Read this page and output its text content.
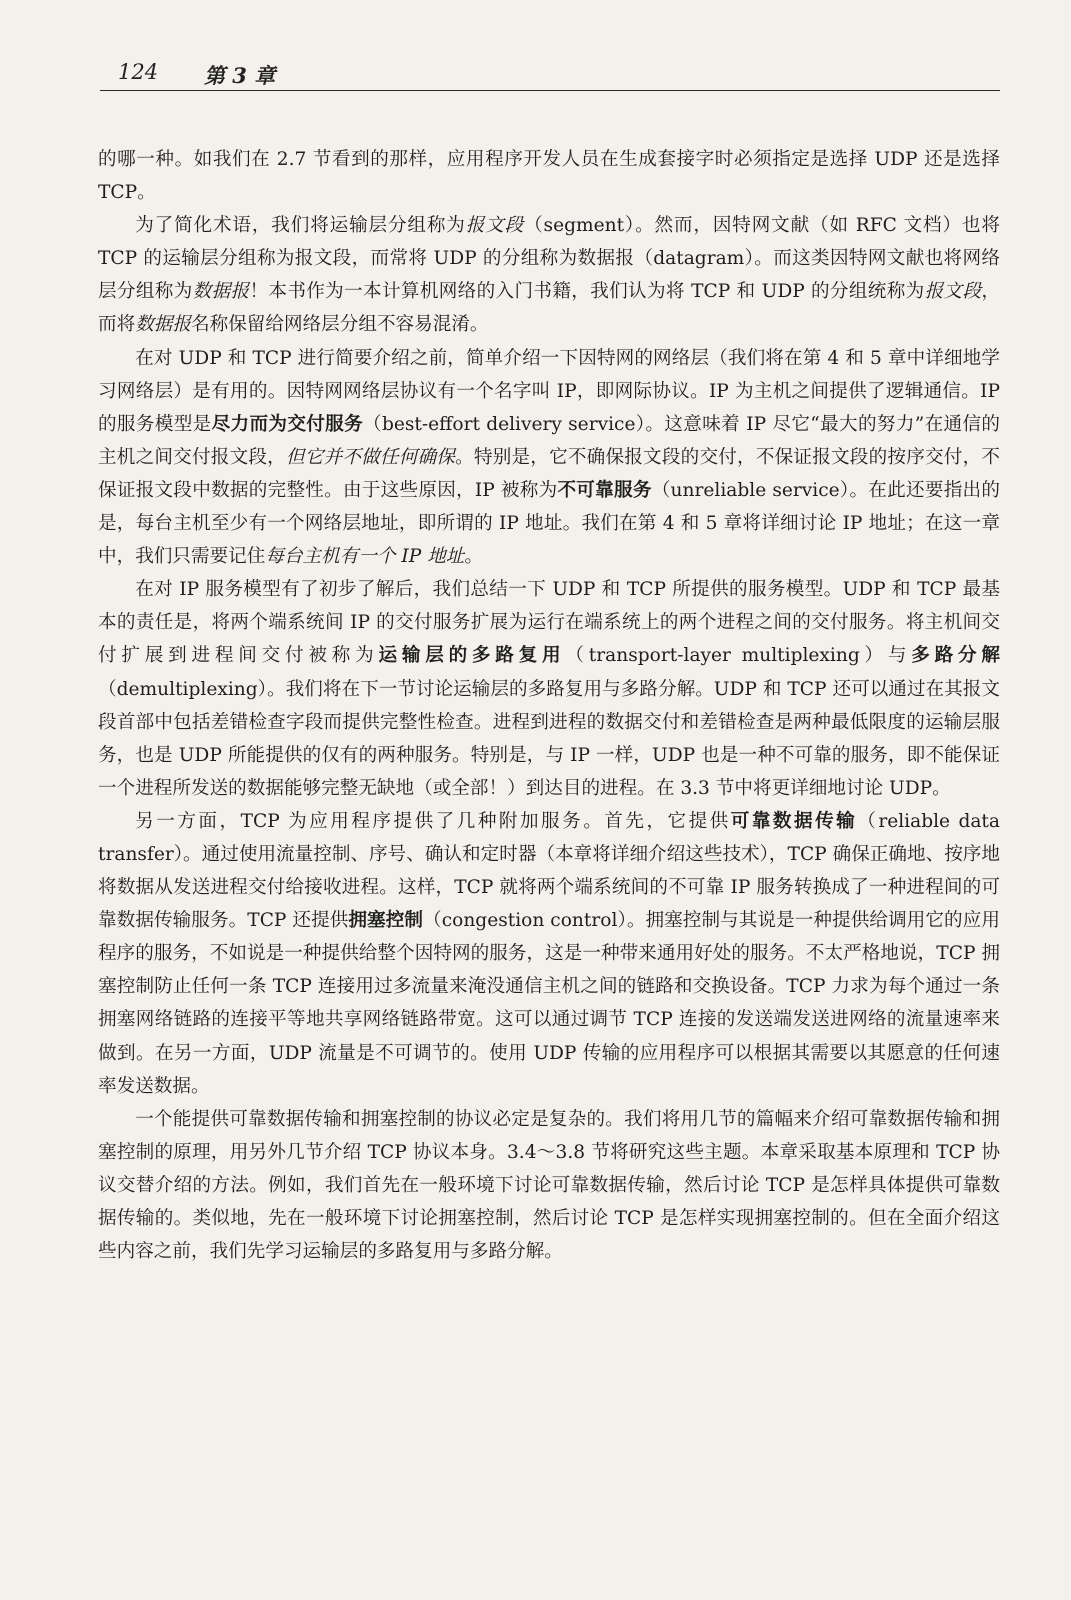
124 第 3 章

的哪一种。如我们在 2.7 节看到的那样，应用程序开发人员在生成套接字时必须指定是选择 UDP 还是选择 TCP。

为了简化术语，我们将运输层分组称为报文段（segment）。然而，因特网文献（如 RFC 文档）也将 TCP 的运输层分组称为报文段，而常将 UDP 的分组称为数据报（datagram）。而这类因特网文献也将网络层分组称为数据报！本书作为一本计算机网络的入门书籍，我们认为将 TCP 和 UDP 的分组统称为报文段，而将数据报名称保留给网络层分组不容易混淆。

在对 UDP 和 TCP 进行简要介绍之前，简单介绍一下因特网的网络层（我们将在第 4 和 5 章中详细地学习网络层）是有用的。因特网网络层协议有一个名字叫 IP，即网际协议。IP 为主机之间提供了逻辑通信。IP 的服务模型是尽力而为交付服务（best-effort delivery service）。这意味着 IP 尽它“最大的努力”在通信的主机之间交付报文段，但它并不做任何确保。特别是，它不确保报文段的交付，不保证报文段的按序交付，不保证报文段中数据的完整性。由于这些原因，IP 被称为不可靠服务（unreliable service）。在此还要指出的是，每台主机至少有一个网络层地址，即所谓的 IP 地址。我们在第 4 和 5 章将详细讨论 IP 地址；在这一章中，我们只需要记住每台主机有一个 IP 地址。

在对 IP 服务模型有了初步了解后，我们总结一下 UDP 和 TCP 所提供的服务模型。UDP 和 TCP 最基本的责任是，将两个端系统间 IP 的交付服务扩展为运行在端系统上的两个进程之间的交付服务。将主机间交付扩展到进程间交付被称为运输层的多路复用（transport-layer multiplexing）与多路分解（demultiplexing）。我们将在下一节讨论运输层的多路复用与多路分解。UDP 和 TCP 还可以通过在其报文段首部中包括差错检查字段而提供完整性检查。进程到进程的数据交付和差错检查是两种最低限度的运输层服务，也是 UDP 所能提供的仅有的两种服务。特别是，与 IP 一样，UDP 也是一种不可靠的服务，即不能保证一个进程所发送的数据能够完整无缺地（或全部！）到达目的进程。在 3.3 节中将更详细地讨论 UDP。

另一方面，TCP 为应用程序提供了几种附加服务。首先，它提供可靠数据传输（reliable data transfer）。通过使用流量控制、序号、确认和定时器（本章将详细介绍这些技术），TCP 确保正确地、按序地将数据从发送进程交付给接收进程。这样，TCP 就将两个端系统间的不可靠 IP 服务转换成了一种进程间的可靠数据传输服务。TCP 还提供拥塞控制（congestion control）。拥塞控制与其说是一种提供给调用它的应用程序的服务，不如说是一种提供给整个因特网的服务，这是一种带来通用好处的服务。不太严格地说，TCP 拥塞控制防止任何一条 TCP 连接用过多流量来淹没通信主机之间的链路和交换设备。TCP 力求为每个通过一条拥塞网络链路的连接平等地共享网络链路带宽。这可以通过调节 TCP 连接的发送端发送进网络的流量速率来做到。在另一方面，UDP 流量是不可调节的。使用 UDP 传输的应用程序可以根据其需要以其愿意的任何速率发送数据。

一个能提供可靠数据传输和拥塞控制的协议必定是复杂的。我们将用几节的篇幅来介绍可靠数据传输和拥塞控制的原理，用另外几节介绍 TCP 协议本身。3.4～3.8 节将研究这些主题。本章采取基本原理和 TCP 协议交替介绍的方法。例如，我们首先在一般环境下讨论可靠数据传输，然后讨论 TCP 是怎样具体提供可靠数据传输的。类似地，先在一般环境下讨论拥塞控制，然后讨论 TCP 是怎样实现拥塞控制的。但在全面介绍这些内容之前，我们先学习运输层的多路复用与多路分解。
